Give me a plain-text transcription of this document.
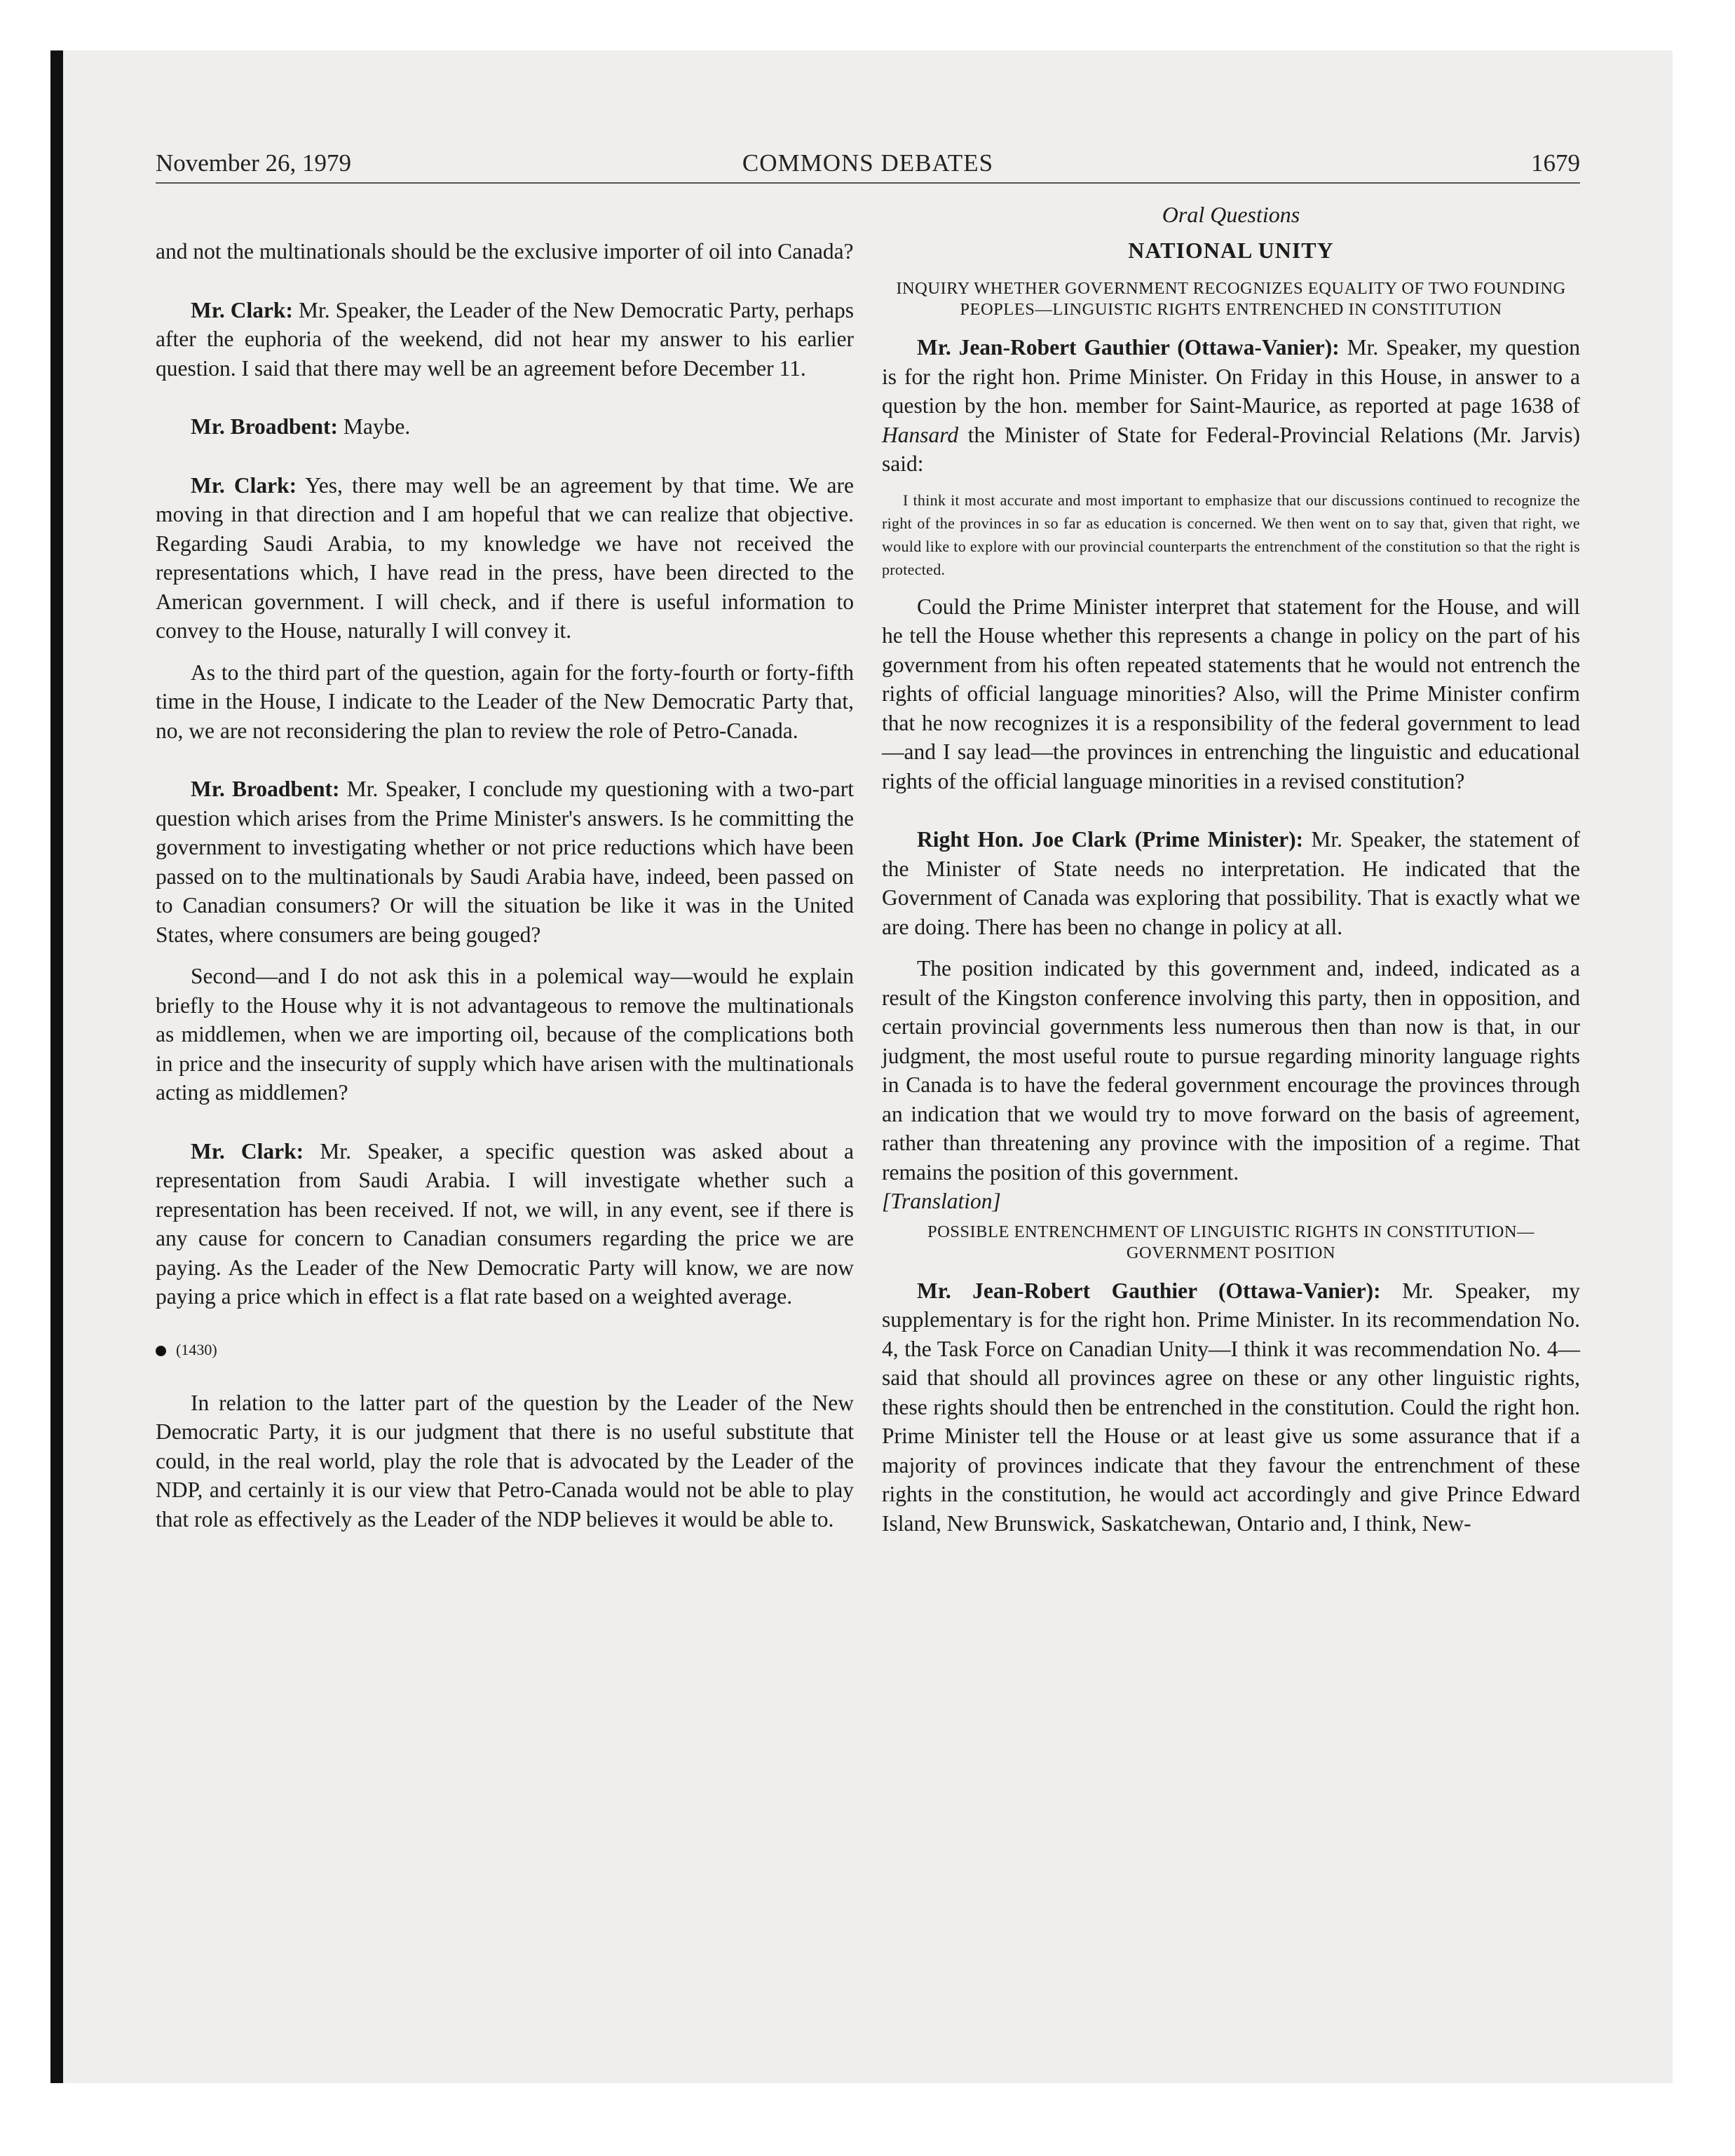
November 26, 1979	COMMONS DEBATES	1679

and not the multinationals should be the exclusive importer of oil into Canada?

Mr. Clark: Mr. Speaker, the Leader of the New Democratic Party, perhaps after the euphoria of the weekend, did not hear my answer to his earlier question. I said that there may well be an agreement before December 11.

Mr. Broadbent: Maybe.

Mr. Clark: Yes, there may well be an agreement by that time. We are moving in that direction and I am hopeful that we can realize that objective. Regarding Saudi Arabia, to my knowledge we have not received the representations which, I have read in the press, have been directed to the American government. I will check, and if there is useful information to convey to the House, naturally I will convey it.

As to the third part of the question, again for the forty-fourth or forty-fifth time in the House, I indicate to the Leader of the New Democratic Party that, no, we are not reconsidering the plan to review the role of Petro-Canada.

Mr. Broadbent: Mr. Speaker, I conclude my questioning with a two-part question which arises from the Prime Minister's answers. Is he committing the government to investigating whether or not price reductions which have been passed on to the multinationals by Saudi Arabia have, indeed, been passed on to Canadian consumers? Or will the situation be like it was in the United States, where consumers are being gouged?

Second—and I do not ask this in a polemical way—would he explain briefly to the House why it is not advantageous to remove the multinationals as middlemen, when we are importing oil, because of the complications both in price and the insecurity of supply which have arisen with the multinationals acting as middlemen?

Mr. Clark: Mr. Speaker, a specific question was asked about a representation from Saudi Arabia. I will investigate whether such a representation has been received. If not, we will, in any event, see if there is any cause for concern to Canadian consumers regarding the price we are paying. As the Leader of the New Democratic Party will know, we are now paying a price which in effect is a flat rate based on a weighted average.

(1430)

In relation to the latter part of the question by the Leader of the New Democratic Party, it is our judgment that there is no useful substitute that could, in the real world, play the role that is advocated by the Leader of the NDP, and certainly it is our view that Petro-Canada would not be able to play that role as effectively as the Leader of the NDP believes it would be able to.

Oral Questions
NATIONAL UNITY
INQUIRY WHETHER GOVERNMENT RECOGNIZES EQUALITY OF TWO FOUNDING PEOPLES—LINGUISTIC RIGHTS ENTRENCHED IN CONSTITUTION

Mr. Jean-Robert Gauthier (Ottawa-Vanier): Mr. Speaker, my question is for the right hon. Prime Minister. On Friday in this House, in answer to a question by the hon. member for Saint-Maurice, as reported at page 1638 of Hansard the Minister of State for Federal-Provincial Relations (Mr. Jarvis) said:

I think it most accurate and most important to emphasize that our discussions continued to recognize the right of the provinces in so far as education is concerned. We then went on to say that, given that right, we would like to explore with our provincial counterparts the entrenchment of the constitution so that the right is protected.

Could the Prime Minister interpret that statement for the House, and will he tell the House whether this represents a change in policy on the part of his government from his often repeated statements that he would not entrench the rights of official language minorities? Also, will the Prime Minister confirm that he now recognizes it is a responsibility of the federal government to lead—and I say lead—the provinces in entrenching the linguistic and educational rights of the official language minorities in a revised constitution?

Right Hon. Joe Clark (Prime Minister): Mr. Speaker, the statement of the Minister of State needs no interpretation. He indicated that the Government of Canada was exploring that possibility. That is exactly what we are doing. There has been no change in policy at all.

The position indicated by this government and, indeed, indicated as a result of the Kingston conference involving this party, then in opposition, and certain provincial governments less numerous then than now is that, in our judgment, the most useful route to pursue regarding minority language rights in Canada is to have the federal government encourage the provinces through an indication that we would try to move forward on the basis of agreement, rather than threatening any province with the imposition of a regime. That remains the position of this government.

[Translation]

POSSIBLE ENTRENCHMENT OF LINGUISTIC RIGHTS IN CONSTITUTION—GOVERNMENT POSITION

Mr. Jean-Robert Gauthier (Ottawa-Vanier): Mr. Speaker, my supplementary is for the right hon. Prime Minister. In its recommendation No. 4, the Task Force on Canadian Unity—I think it was recommendation No. 4—said that should all provinces agree on these or any other linguistic rights, these rights should then be entrenched in the constitution. Could the right hon. Prime Minister tell the House or at least give us some assurance that if a majority of provinces indicate that they favour the entrenchment of these rights in the constitution, he would act accordingly and give Prince Edward Island, New Brunswick, Saskatchewan, Ontario and, I think, New-
